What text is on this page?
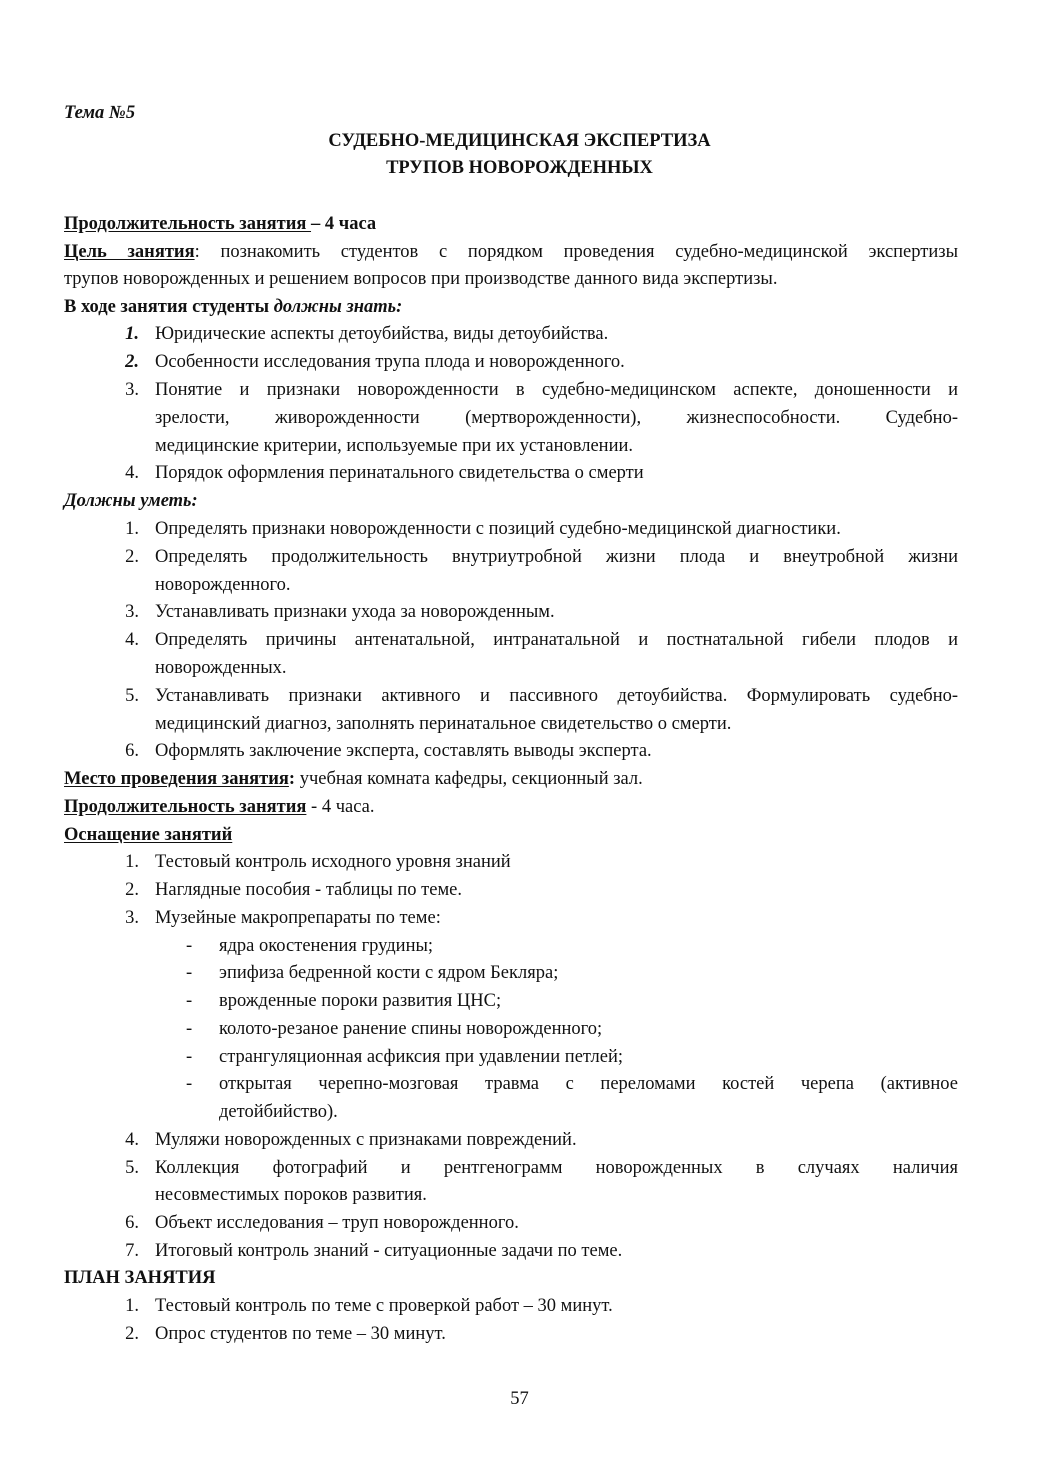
Тема №5
СУДЕБНО-МЕДИЦИНСКАЯ ЭКСПЕРТИЗА
ТРУПОВ НОВОРОЖДЕННЫХ
Продолжительность занятия – 4 часа
Цель занятия: познакомить студентов с порядком проведения судебно-медицинской экспертизы
трупов новорожденных и решением вопросов при производстве данного вида экспертизы.
В ходе занятия студенты должны знать:
1. Юридические аспекты детоубийства, виды детоубийства.
2. Особенности исследования трупа плода и новорожденного.
3. Понятие и признаки новорожденности в судебно-медицинском аспекте, доношенности и
зрелости, живорожденности (мертворожденности), жизнеспособности. Судебно-
медицинские критерии, используемые при их установлении.
4. Порядок оформления перинатального свидетельства о смерти
Должны уметь:
1. Определять признаки новорожденности с позиций судебно-медицинской диагностики.
2. Определять продолжительность внутриутробной жизни плода и внеутробной жизни
новорожденного.
3. Устанавливать признаки ухода за новорожденным.
4. Определять причины антенатальной, интранатальной и постнатальной гибели плодов и
новорожденных.
5. Устанавливать признаки активного и пассивного детоубийства. Формулировать судебно-
медицинский диагноз, заполнять перинатальное свидетельство о смерти.
6. Оформлять заключение эксперта, составлять выводы эксперта.
Место проведения занятия: учебная комната кафедры, секционный зал.
Продолжительность занятия - 4 часа.
Оснащение занятий
1. Тестовый контроль исходного уровня знаний
2. Наглядные пособия - таблицы по теме.
3. Музейные макропрепараты по теме:
- ядра окостенения грудины;
- эпифиза бедренной кости с ядром Бекляра;
- врожденные пороки развития ЦНС;
- колото-резаное ранение спины новорожденного;
- странгуляционная асфиксия при удавлении петлей;
- открытая черепно-мозговая травма с переломами костей черепа (активное
детойбийство).
4. Муляжи новорожденных с признаками повреждений.
5. Коллекция фотографий и рентгенограмм новорожденных в случаях наличия
несовместимых пороков развития.
6. Объект исследования – труп новорожденного.
7. Итоговый контроль знаний - ситуационные задачи по теме.
ПЛАН ЗАНЯТИЯ
1. Тестовый контроль по теме с проверкой работ – 30 минут.
2. Опрос студентов по теме – 30 минут.
57
